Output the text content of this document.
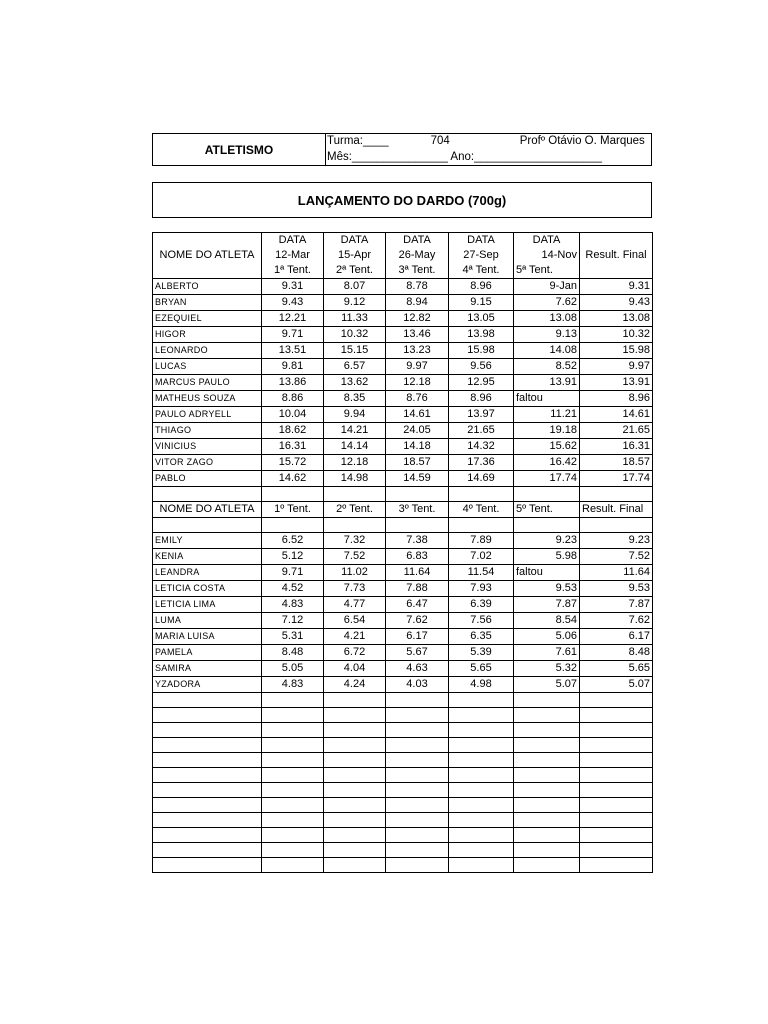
ATLETISMO
Turma:____	704	Profº Otávio O. Marques
Mês:_______________ Ano:____________________
LANÇAMENTO DO DARDO (700g)
NOME DO ATLETA	DATA	DATA	DATA	DATA	DATA	Result. Final
	12-Mar	15-Apr	26-May	27-Sep	14-Nov	
	1ª Tent.	2ª Tent.	3ª Tent.	4ª Tent.	5ª Tent.	
ALBERTO	9.31	8.07	8.78	8.96	9-Jan	9.31
BRYAN	9.43	9.12	8.94	9.15	7.62	9.43
EZEQUIEL	12.21	11.33	12.82	13.05	13.08	13.08
HIGOR	9.71	10.32	13.46	13.98	9.13	10.32
LEONARDO	13.51	15.15	13.23	15.98	14.08	15.98
LUCAS	9.81	6.57	9.97	9.56	8.52	9.97
MARCUS PAULO	13.86	13.62	12.18	12.95	13.91	13.91
MATHEUS SOUZA	8.86	8.35	8.76	8.96	faltou	8.96
PAULO ADRYELL	10.04	9.94	14.61	13.97	11.21	14.61
THIAGO	18.62	14.21	24.05	21.65	19.18	21.65
VINICIUS	16.31	14.14	14.18	14.32	15.62	16.31
VITOR ZAGO	15.72	12.18	18.57	17.36	16.42	18.57
PABLO	14.62	14.98	14.59	14.69	17.74	17.74

NOME DO ATLETA	1º Tent.	2º Tent.	3º Tent.	4º Tent.	5º Tent.	Result. Final

EMILY	6.52	7.32	7.38	7.89	9.23	9.23
KENIA	5.12	7.52	6.83	7.02	5.98	7.52
LEANDRA	9.71	11.02	11.64	11.54	faltou	11.64
LETICIA COSTA	4.52	7.73	7.88	7.93	9.53	9.53
LETICIA LIMA	4.83	4.77	6.47	6.39	7.87	7.87
LUMA	7.12	6.54	7.62	7.56	8.54	7.62
MARIA LUISA	5.31	4.21	6.17	6.35	5.06	6.17
PAMELA	8.48	6.72	5.67	5.39	7.61	8.48
SAMIRA	5.05	4.04	4.63	5.65	5.32	5.65
YZADORA	4.83	4.24	4.03	4.98	5.07	5.07
